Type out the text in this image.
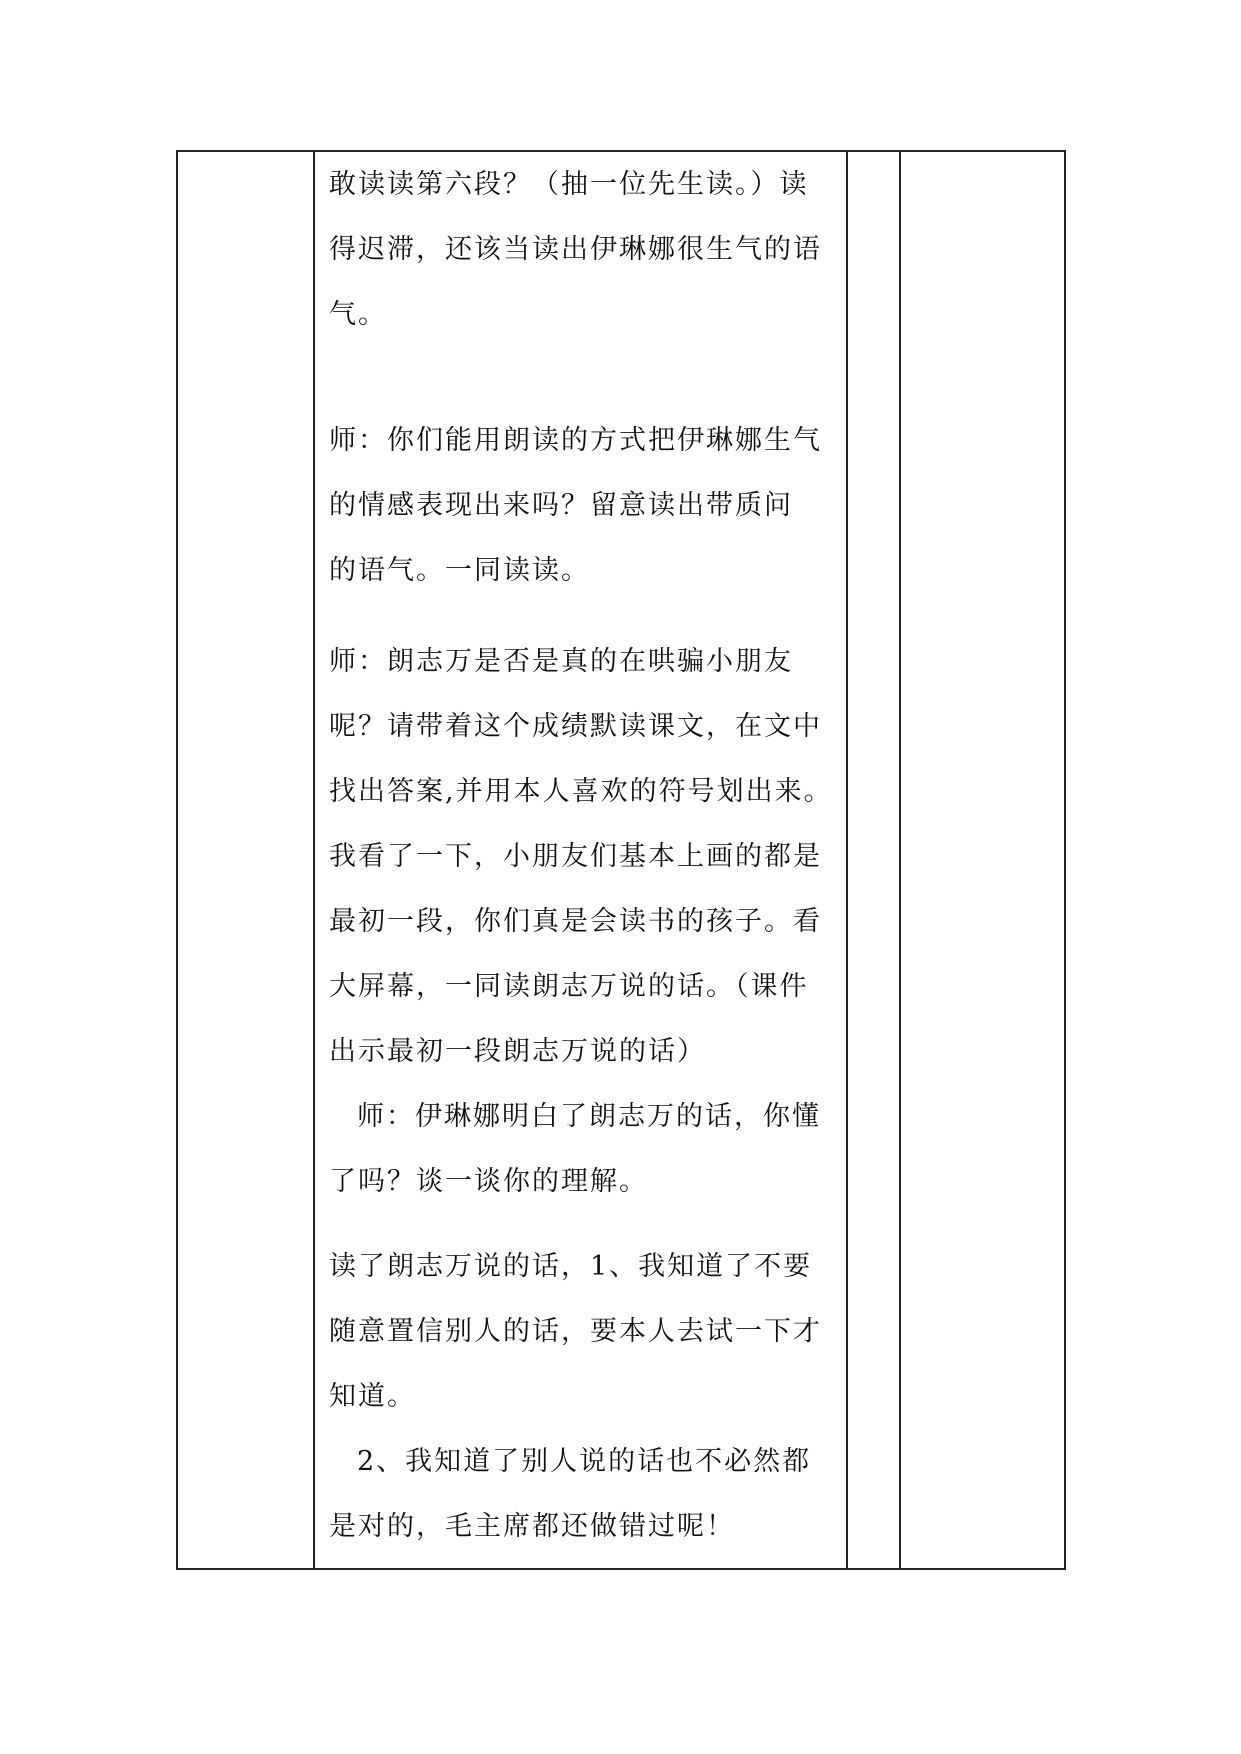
敢读读第六段？（抽一位先生读。）读
得迟滞，还该当读出伊琳娜很生气的语
气。
师：你们能用朗读的方式把伊琳娜生气
的情感表现出来吗？留意读出带质问
的语气。一同读读。
师：朗志万是否是真的在哄骗小朋友
呢？请带着这个成绩默读课文，在文中
找出答案,并用本人喜欢的符号划出来。
我看了一下，小朋友们基本上画的都是
最初一段，你们真是会读书的孩子。看
大屏幕，一同读朗志万说的话。（课件
出示最初一段朗志万说的话）
师：伊琳娜明白了朗志万的话，你懂
了吗？谈一谈你的理解。
读了朗志万说的话，1、我知道了不要
随意置信别人的话，要本人去试一下才
知道。
2、我知道了别人说的话也不必然都
是对的，毛主席都还做错过呢！
